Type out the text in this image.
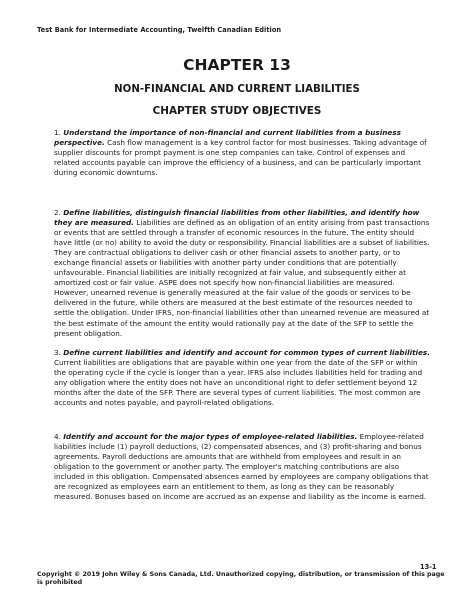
Test Bank for Intermediate Accounting, Twelfth Canadian Edition
CHAPTER 13
NON-FINANCIAL AND CURRENT LIABILITIES
CHAPTER STUDY OBJECTIVES
1. Understand the importance of non-financial and current liabilities from a business perspective. Cash flow management is a key control factor for most businesses. Taking advantage of supplier discounts for prompt payment is one step companies can take. Control of expenses and related accounts payable can improve the efficiency of a business, and can be particularly important during economic downturns.
2. Define liabilities, distinguish financial liabilities from other liabilities, and identify how they are measured. Liabilities are defined as an obligation of an entity arising from past transactions or events that are settled through a transfer of economic resources in the future. The entity should have little (or no) ability to avoid the duty or responsibility. Financial liabilities are a subset of liabilities. They are contractual obligations to deliver cash or other financial assets to another party, or to exchange financial assets or liabilities with another party under conditions that are potentially unfavourable. Financial liabilities are initially recognized at fair value, and subsequently either at amortized cost or fair value. ASPE does not specify how non-financial liabilities are measured. However, unearned revenue is generally measured at the fair value of the goods or services to be delivered in the future, while others are measured at the best estimate of the resources needed to settle the obligation. Under IFRS, non-financial liabilities other than unearned revenue are measured at the best estimate of the amount the entity would rationally pay at the date of the SFP to settle the present obligation.
3. Define current liabilities and identify and account for common types of current liabilities. Current liabilities are obligations that are payable within one year from the date of the SFP or within the operating cycle if the cycle is longer than a year. IFRS also includes liabilities held for trading and any obligation where the entity does not have an unconditional right to defer settlement beyond 12 months after the date of the SFP. There are several types of current liabilities. The most common are accounts and notes payable, and payroll-related obligations.
4. Identify and account for the major types of employee-related liabilities. Employee-related liabilities include (1) payroll deductions, (2) compensated absences, and (3) profit-sharing and bonus agreements. Payroll deductions are amounts that are withheld from employees and result in an obligation to the government or another party. The employer's matching contributions are also included in this obligation. Compensated absences earned by employees are company obligations that are recognized as employees earn an entitlement to them, as long as they can be reasonably measured. Bonuses based on income are accrued as an expense and liability as the income is earned.
13-1
Copyright © 2019 John Wiley & Sons Canada, Ltd. Unauthorized copying, distribution, or transmission of this page is prohibited
